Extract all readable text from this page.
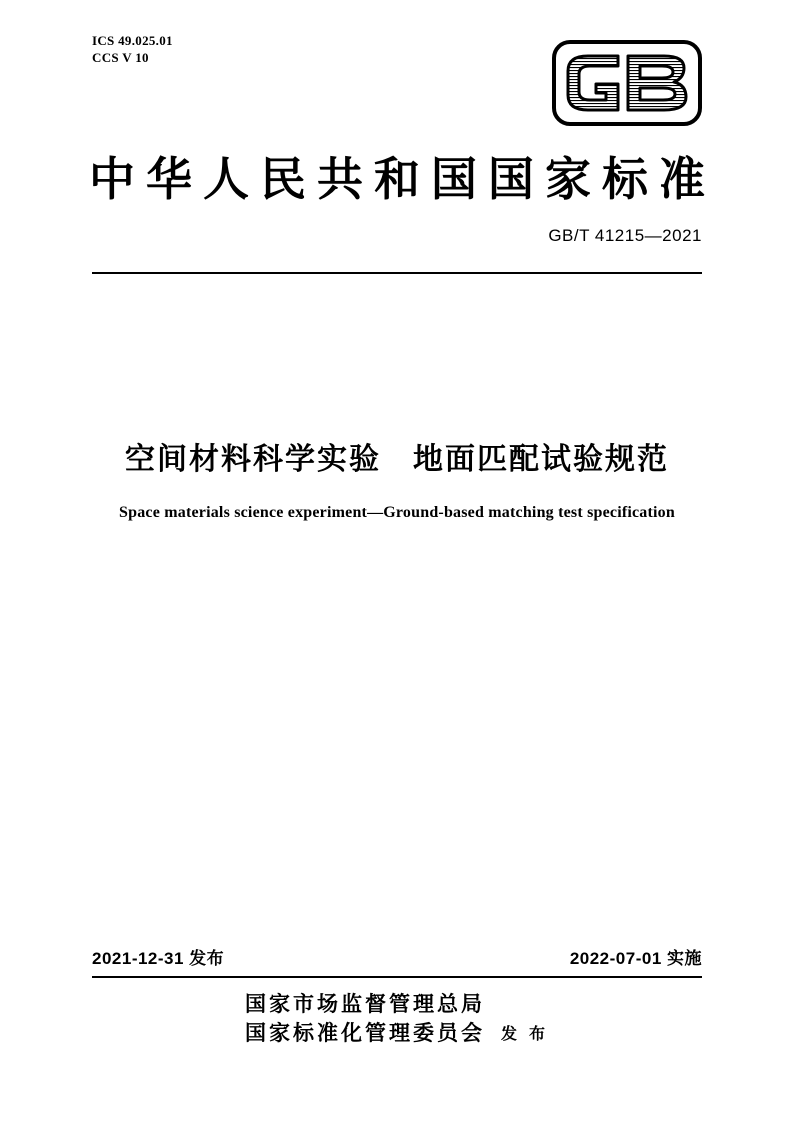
ICS 49.025.01
CCS V 10
中华人民共和国国家标准
GB/T 41215—2021
空间材料科学实验　地面匹配试验规范
Space materials science experiment—Ground-based matching test specification
2021-12-31 发布	2022-07-01 实施
国家市场监督管理总局
国家标准化管理委员会 发 布
